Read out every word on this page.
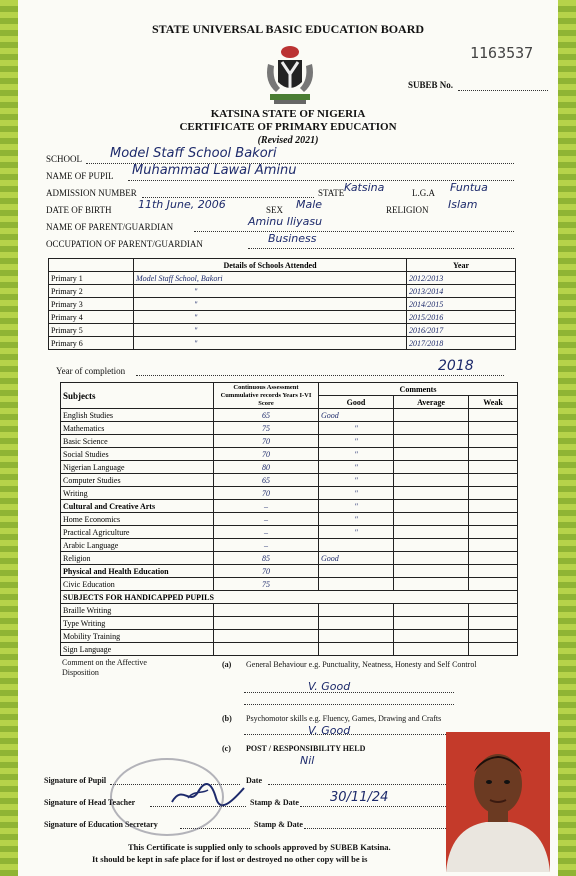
STATE UNIVERSAL BASIC EDUCATION BOARD
1163537
SUBEB No.
KATSINA STATE OF NIGERIA
CERTIFICATE OF PRIMARY EDUCATION
(Revised 2021)
SCHOOL Model Staff School Bakori
NAME OF PUPIL Muhammad Lawal Aminu
ADMISSION NUMBER	STATE Katsina	L.G.A Funtua
DATE OF BIRTH 11th June, 2006	SEX Male	RELIGION Islam
NAME OF PARENT/GUARDIAN	Aminu Iliyasu
OCCUPATION OF PARENT/GUARDIAN	Business
	Details of Schools Attended	Year
Primary 1	Model Staff School, Bakori	2012/2013
Primary 2	"	2013/2014
Primary 3	"	2014/2015
Primary 4	"	2015/2016
Primary 5	"	2016/2017
Primary 6	"	2017/2018
Year of completion	2018
Subjects	Continuous Assessment Cummulative records Years I-VI Score	Comments		
		Good	Average	Weak
English Studies	65	Good		
Mathematics	75	"		
Basic Science	70	"		
Social Studies	70	"		
Nigerian Language	80	"		
Computer Studies	65	"		
Writing	70	"		
Cultural and Creative Arts	–	"		
Home Economics	–	"		
Practical Agriculture	–	"		
Arabic Language	–			
Religion	85	Good		
Physical and Health Education	70			
Civic Education	75			
SUBJECTS FOR HANDICAPPED PUPILS				
Braille Writing				
Type Writing				
Mobility Training				
Sign Language				
Comment on the Affective Disposition
(a) General Behaviour e.g. Punctuality, Neatness, Honesty and Self Control
V. Good
(b) Psychomotor skills e.g. Fluency, Games, Drawing and Crafts
V. Good
(c) POST / RESPONSIBILITY HELD
Nil
Signature of Pupil	Date
Signature of Head Teacher	Stamp & Date 30/11/24
Signature of Education Secretary	Stamp & Date
This Certificate is supplied only to schools approved by SUBEB Katsina.
It should be kept in safe place for if lost or destroyed no other copy will be is
